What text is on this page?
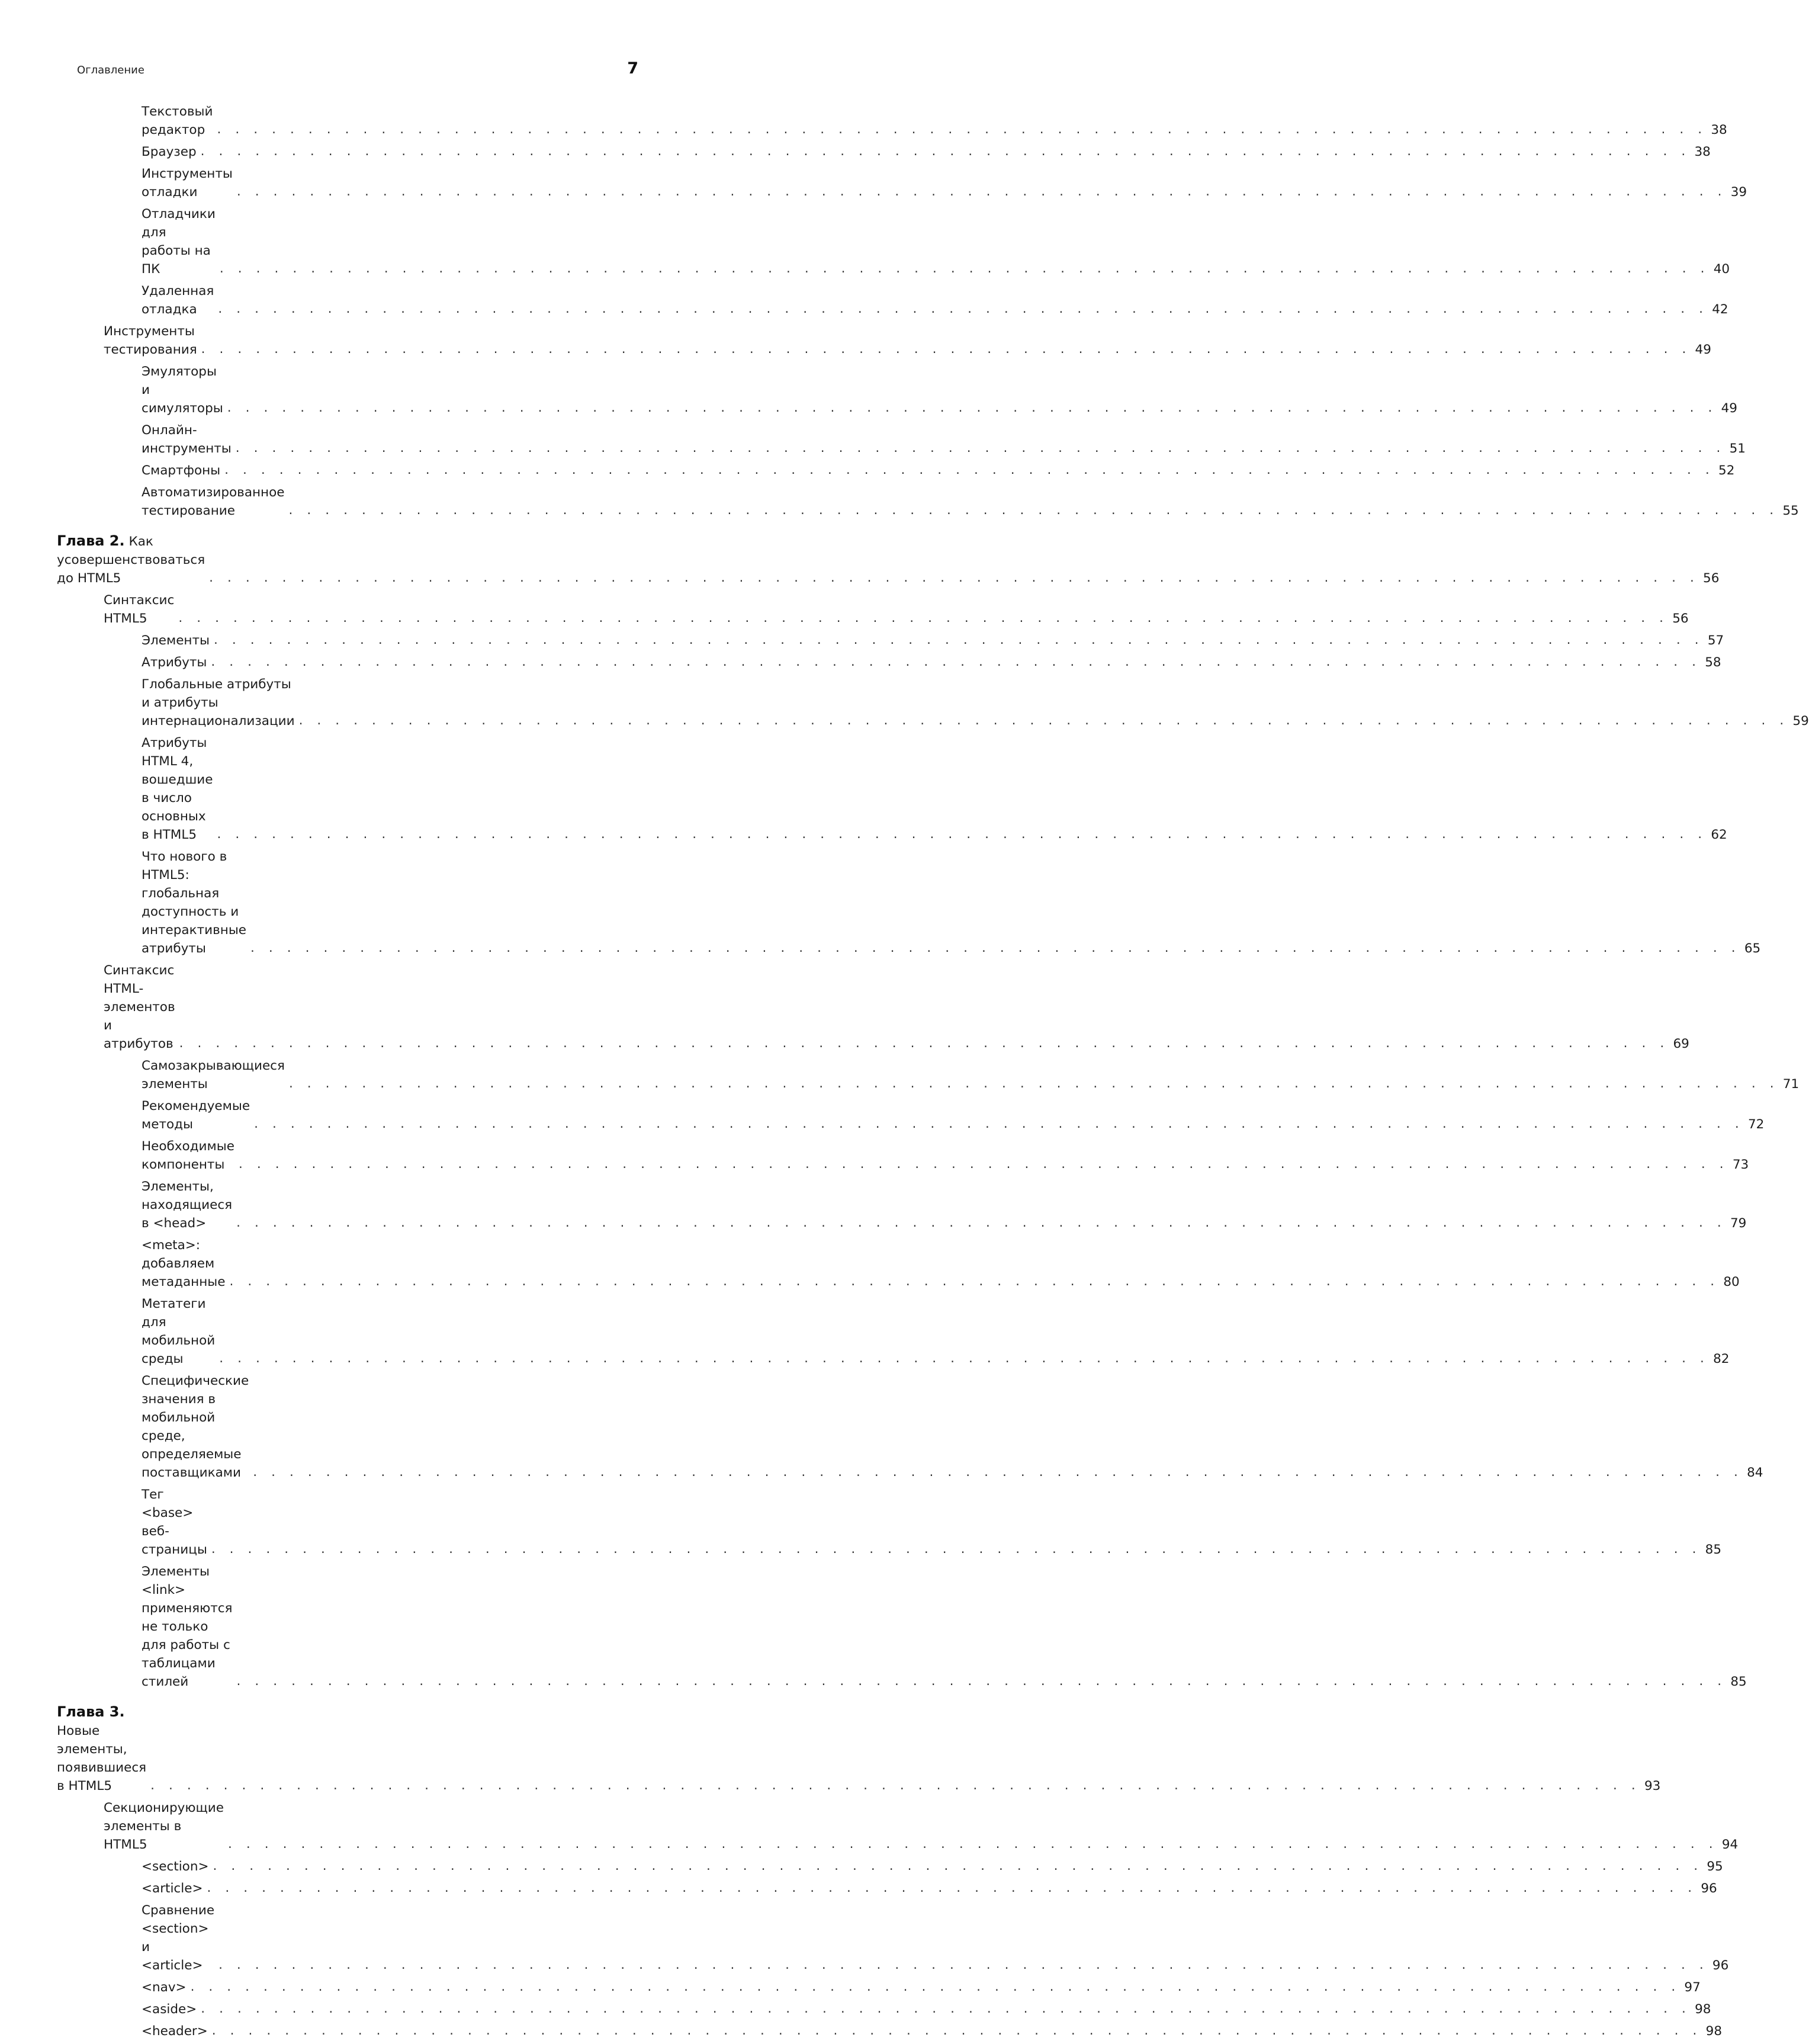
Оглавление	7
Текстовый редактор	. . . . . . . . . . . . . . . . . . . . . . . . . . . . . . . . . . . . . . . . . . . . . . . . . . . . . . . . . . . . . . . . . . . . . . . . . . . . . . . . . . 38
Браузер . . . . . . . . . . . . . . . . . . . . . . . . . . . . . . . . . . . . . . . . . . . . . . . . . . . . . . . . . . . . . . . . . . . . . . . . . . . . . . . . . . 38
Инструменты отладки	. . . . . . . . . . . . . . . . . . . . . . . . . . . . . . . . . . . . . . . . . . . . . . . . . . . . . . . . . . . . . . . . . . . . . . . . . . . . . . . . . . 39
Отладчики для работы на ПК	. . . . . . . . . . . . . . . . . . . . . . . . . . . . . . . . . . . . . . . . . . . . . . . . . . . . . . . . . . . . . . . . . . . . . . . . . . . . . . . . . . 40
Удаленная отладка	. . . . . . . . . . . . . . . . . . . . . . . . . . . . . . . . . . . . . . . . . . . . . . . . . . . . . . . . . . . . . . . . . . . . . . . . . . . . . . . . . . 42
Инструменты тестирования . . . . . . . . . . . . . . . . . . . . . . . . . . . . . . . . . . . . . . . . . . . . . . . . . . . . . . . . . . . . . . . . . . . . . . . . . . . . . . . . . . 49
Эмуляторы и симуляторы . . . . . . . . . . . . . . . . . . . . . . . . . . . . . . . . . . . . . . . . . . . . . . . . . . . . . . . . . . . . . . . . . . . . . . . . . . . . . . . . . . 49
Онлайн-инструменты . . . . . . . . . . . . . . . . . . . . . . . . . . . . . . . . . . . . . . . . . . . . . . . . . . . . . . . . . . . . . . . . . . . . . . . . . . . . . . . . . . 51
Смартфоны . . . . . . . . . . . . . . . . . . . . . . . . . . . . . . . . . . . . . . . . . . . . . . . . . . . . . . . . . . . . . . . . . . . . . . . . . . . . . . . . . . 52
Автоматизированное тестирование	. . . . . . . . . . . . . . . . . . . . . . . . . . . . . . . . . . . . . . . . . . . . . . . . . . . . . . . . . . . . . . . . . . . . . . . . . . . . . . . . . . 55
Глава 2. Как усовершенствоваться до HTML5	. . . . . . . . . . . . . . . . . . . . . . . . . . . . . . . . . . . . . . . . . . . . . . . . . . . . . . . . . . . . . . . . . . . . . . . . . . . . . . . . . . 56
Синтаксис HTML5	. . . . . . . . . . . . . . . . . . . . . . . . . . . . . . . . . . . . . . . . . . . . . . . . . . . . . . . . . . . . . . . . . . . . . . . . . . . . . . . . . . 56
Элементы . . . . . . . . . . . . . . . . . . . . . . . . . . . . . . . . . . . . . . . . . . . . . . . . . . . . . . . . . . . . . . . . . . . . . . . . . . . . . . . . . . 57
Атрибуты . . . . . . . . . . . . . . . . . . . . . . . . . . . . . . . . . . . . . . . . . . . . . . . . . . . . . . . . . . . . . . . . . . . . . . . . . . . . . . . . . . 58
Глобальные атрибуты и атрибуты интернационализации . . . . . . . . . . . . . . . . . . . . . . . . . . . . . . . . . . . . . . . . . . . . . . . . . . . . . . . . . . . . . . . . . . . . . . . . . . . . . . . . . . 59
Атрибуты HTML 4, вошедшие в число основных в HTML5	. . . . . . . . . . . . . . . . . . . . . . . . . . . . . . . . . . . . . . . . . . . . . . . . . . . . . . . . . . . . . . . . . . . . . . . . . . . . . . . . . . 62
Что нового в HTML5: глобальная доступность и интерактивные атрибуты	. . . . . . . . . . . . . . . . . . . . . . . . . . . . . . . . . . . . . . . . . . . . . . . . . . . . . . . . . . . . . . . . . . . . . . . . . . . . . . . . . . 65
Синтаксис HTML-элементов и атрибутов . . . . . . . . . . . . . . . . . . . . . . . . . . . . . . . . . . . . . . . . . . . . . . . . . . . . . . . . . . . . . . . . . . . . . . . . . . . . . . . . . . 69
Самозакрывающиеся элементы	. . . . . . . . . . . . . . . . . . . . . . . . . . . . . . . . . . . . . . . . . . . . . . . . . . . . . . . . . . . . . . . . . . . . . . . . . . . . . . . . . . 71
Рекомендуемые методы	. . . . . . . . . . . . . . . . . . . . . . . . . . . . . . . . . . . . . . . . . . . . . . . . . . . . . . . . . . . . . . . . . . . . . . . . . . . . . . . . . . 72
Необходимые компоненты	. . . . . . . . . . . . . . . . . . . . . . . . . . . . . . . . . . . . . . . . . . . . . . . . . . . . . . . . . . . . . . . . . . . . . . . . . . . . . . . . . . 73
Элементы, находящиеся в <head>	. . . . . . . . . . . . . . . . . . . . . . . . . . . . . . . . . . . . . . . . . . . . . . . . . . . . . . . . . . . . . . . . . . . . . . . . . . . . . . . . . . 79
<meta>: добавляем метаданные . . . . . . . . . . . . . . . . . . . . . . . . . . . . . . . . . . . . . . . . . . . . . . . . . . . . . . . . . . . . . . . . . . . . . . . . . . . . . . . . . . 80
Метатеги для мобильной среды	. . . . . . . . . . . . . . . . . . . . . . . . . . . . . . . . . . . . . . . . . . . . . . . . . . . . . . . . . . . . . . . . . . . . . . . . . . . . . . . . . . 82
Специфические значения в мобильной среде, определяемые поставщиками	. . . . . . . . . . . . . . . . . . . . . . . . . . . . . . . . . . . . . . . . . . . . . . . . . . . . . . . . . . . . . . . . . . . . . . . . . . . . . . . . . . 84
Тег <base> веб-страницы . . . . . . . . . . . . . . . . . . . . . . . . . . . . . . . . . . . . . . . . . . . . . . . . . . . . . . . . . . . . . . . . . . . . . . . . . . . . . . . . . . 85
Элементы <link> применяются не только для работы с таблицами стилей	. . . . . . . . . . . . . . . . . . . . . . . . . . . . . . . . . . . . . . . . . . . . . . . . . . . . . . . . . . . . . . . . . . . . . . . . . . . . . . . . . . 85
Глава 3. Новые элементы, появившиеся в HTML5	. . . . . . . . . . . . . . . . . . . . . . . . . . . . . . . . . . . . . . . . . . . . . . . . . . . . . . . . . . . . . . . . . . . . . . . . . . . . . . . . . . 93
Секционирующие элементы в HTML5	. . . . . . . . . . . . . . . . . . . . . . . . . . . . . . . . . . . . . . . . . . . . . . . . . . . . . . . . . . . . . . . . . . . . . . . . . . . . . . . . . . 94
<section> . . . . . . . . . . . . . . . . . . . . . . . . . . . . . . . . . . . . . . . . . . . . . . . . . . . . . . . . . . . . . . . . . . . . . . . . . . . . . . . . . . 95
<article> . . . . . . . . . . . . . . . . . . . . . . . . . . . . . . . . . . . . . . . . . . . . . . . . . . . . . . . . . . . . . . . . . . . . . . . . . . . . . . . . . . 96
Сравнение <section> и <article>	. . . . . . . . . . . . . . . . . . . . . . . . . . . . . . . . . . . . . . . . . . . . . . . . . . . . . . . . . . . . . . . . . . . . . . . . . . . . . . . . . . 96
<nav> . . . . . . . . . . . . . . . . . . . . . . . . . . . . . . . . . . . . . . . . . . . . . . . . . . . . . . . . . . . . . . . . . . . . . . . . . . . . . . . . . . 97
<aside> . . . . . . . . . . . . . . . . . . . . . . . . . . . . . . . . . . . . . . . . . . . . . . . . . . . . . . . . . . . . . . . . . . . . . . . . . . . . . . . . . . 98
<header> . . . . . . . . . . . . . . . . . . . . . . . . . . . . . . . . . . . . . . . . . . . . . . . . . . . . . . . . . . . . . . . . . . . . . . . . . . . . . . . . . . 98
